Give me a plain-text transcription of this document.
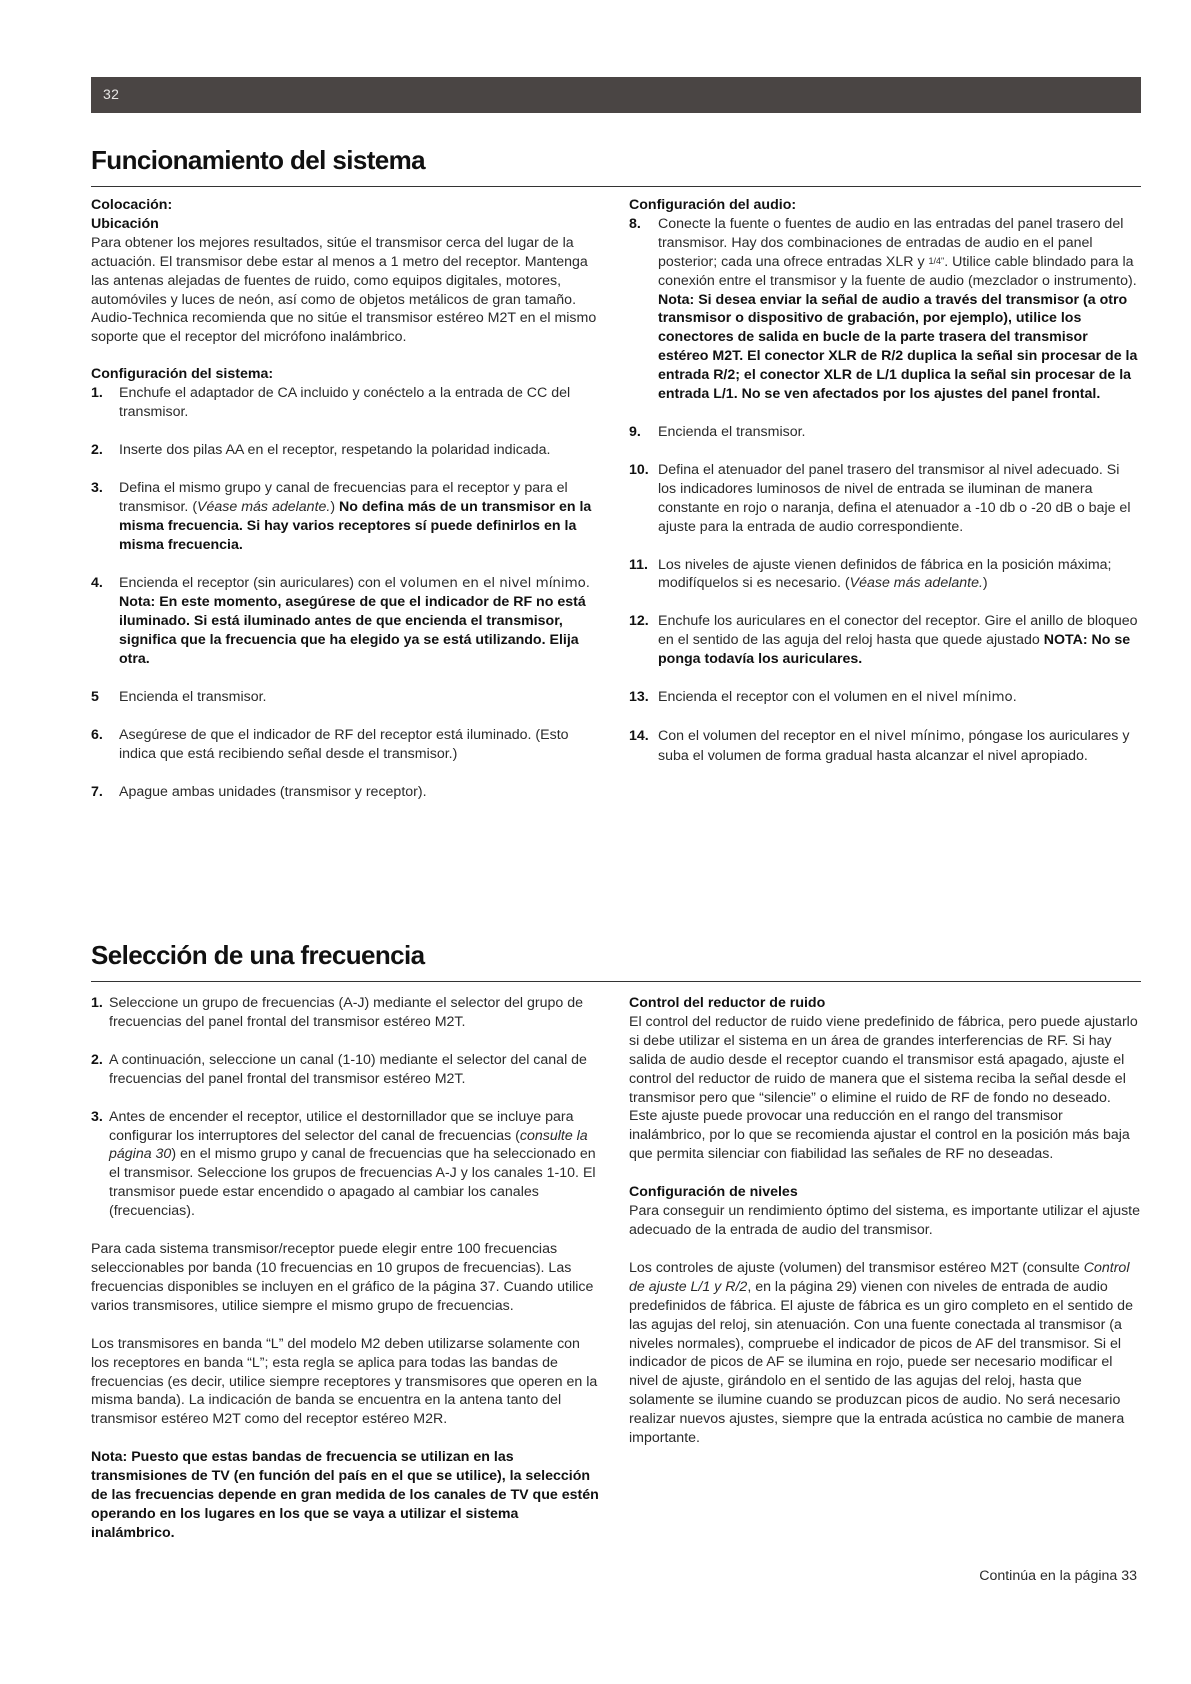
32
Funcionamiento del sistema

Colocación:

Ubicación

Para obtener los mejores resultados, sitúe el transmisor cerca del lugar de la actuación. El transmisor debe estar al menos a 1 metro del receptor. Mantenga las antenas alejadas de fuentes de ruido, como equipos digitales, motores, automóviles y luces de neón, así como de objetos metálicos de gran tamaño. Audio-Technica recomienda que no sitúe el transmisor estéreo M2T en el mismo soporte que el receptor del micrófono inalámbrico.

Configuración del sistema:

1.	Enchufe el adaptador de CA incluido y conéctelo a la entrada de CC del transmisor.
2.	Inserte dos pilas AA en el receptor, respetando la polaridad indicada.
3.	Defina el mismo grupo y canal de frecuencias para el receptor y para el transmisor. (Véase más adelante.) No defina más de un transmisor en la misma frecuencia. Si hay varios receptores sí puede definirlos en la misma frecuencia.
4.	Encienda el receptor (sin auriculares) con el volumen en el nivel mínimo. Nota: En este momento, asegúrese de que el indicador de RF no está iluminado. Si está iluminado antes de que encienda el transmisor, significa que la frecuencia que ha elegido ya se está utilizando. Elija otra.
5	Encienda el transmisor.
6.	Asegúrese de que el indicador de RF del receptor está iluminado. (Esto indica que está recibiendo señal desde el transmisor.)
7.	Apague ambas unidades (transmisor y receptor).

Configuración del audio:

8.	Conecte la fuente o fuentes de audio en las entradas del panel trasero del transmisor. Hay dos combinaciones de entradas de audio en el panel posterior; cada una ofrece entradas XLR y $^{1/4"}$. Utilice cable blindado para la conexión entre el transmisor y la fuente de audio (mezclador o instrumento). Nota: Si desea enviar la señal de audio a través del transmisor (a otro transmisor o dispositivo de grabación, por ejemplo), utilice los conectores de salida en bucle de la parte trasera del transmisor estéreo M2T. El conector XLR de R/2 duplica la señal sin procesar de la entrada R/2; el conector XLR de L/1 duplica la señal sin procesar de la entrada L/1. No se ven afectados por los ajustes del panel frontal.
9.	Encienda el transmisor.
10. Defina el atenuador del panel trasero del transmisor al nivel adecuado. Si los indicadores luminosos de nivel de entrada se iluminan de manera constante en rojo o naranja, defina el atenuador a -10 db o -20 dB o baje el ajuste para la entrada de audio correspondiente.
11. Los niveles de ajuste vienen definidos de fábrica en la posición máxima; modifíquelos si es necesario. (Véase más adelante.)
12. Enchufe los auriculares en el conector del receptor. Gire el anillo de bloqueo en el sentido de las aguja del reloj hasta que quede ajustado NOTA: No se ponga todavía los auriculares.
13. Encienda el receptor con el volumen en el nivel mínimo.
14. Con el volumen del receptor en el nivel mínimo, póngase los auriculares y suba el volumen de forma gradual hasta alcanzar el nivel apropiado.
Selección de una frecuencia
1. Seleccione un grupo de frecuencias (A-J) mediante el selector del grupo de frecuencias del panel frontal del transmisor estéreo M2T.
2. A continuación, seleccione un canal (1-10) mediante el selector del canal de frecuencias del panel frontal del transmisor estéreo M2T.
3. Antes de encender el receptor, utilice el destornillador que se incluye para configurar los interruptores del selector del canal de frecuencias (consulte la página 30) en el mismo grupo y canal de frecuencias que ha seleccionado en el transmisor. Seleccione los grupos de frecuencias A-J y los canales 1-10. El transmisor puede estar encendido o apagado al cambiar los canales (frecuencias).

Para cada sistema transmisor/receptor puede elegir entre 100 frecuencias seleccionables por banda (10 frecuencias en 10 grupos de frecuencias). Las frecuencias disponibles se incluyen en el gráfico de la página 37. Cuando utilice varios transmisores, utilice siempre el mismo grupo de frecuencias.

Los transmisores en banda “L” del modelo M2 deben utilizarse solamente con los receptores en banda “L”; esta regla se aplica para todas las bandas de frecuencias (es decir, utilice siempre receptores y transmisores que operen en la misma banda). La indicación de banda se encuentra en la antena tanto del transmisor estéreo M2T como del receptor estéreo M2R.

Nota: Puesto que estas bandas de frecuencia se utilizan en las transmisiones de TV (en función del país en el que se utilice), la selección de las frecuencias depende en gran medida de los canales de TV que estén operando en los lugares en los que se vaya a utilizar el sistema inalámbrico.

Control del reductor de ruido

El control del reductor de ruido viene predefinido de fábrica, pero puede ajustarlo si debe utilizar el sistema en un área de grandes interferencias de RF. Si hay salida de audio desde el receptor cuando el transmisor está apagado, ajuste el control del reductor de ruido de manera que el sistema reciba la señal desde el transmisor pero que “silencie” o elimine el ruido de RF de fondo no deseado. Este ajuste puede provocar una reducción en el rango del transmisor inalámbrico, por lo que se recomienda ajustar el control en la posición más baja que permita silenciar con fiabilidad las señales de RF no deseadas.

Configuración de niveles

Para conseguir un rendimiento óptimo del sistema, es importante utilizar el ajuste adecuado de la entrada de audio del transmisor.

Los controles de ajuste (volumen) del transmisor estéreo M2T (consulte Control de ajuste L/1 y R/2, en la página 29) vienen con niveles de entrada de audio predefinidos de fábrica. El ajuste de fábrica es un giro completo en el sentido de las agujas del reloj, sin atenuación. Con una fuente conectada al transmisor (a niveles normales), compruebe el indicador de picos de AF del transmisor. Si el indicador de picos de AF se ilumina en rojo, puede ser necesario modificar el nivel de ajuste, girándolo en el sentido de las agujas del reloj, hasta que solamente se ilumine cuando se produzcan picos de audio. No será necesario realizar nuevos ajustes, siempre que la entrada acústica no cambie de manera importante.

Continúa en la página 33
